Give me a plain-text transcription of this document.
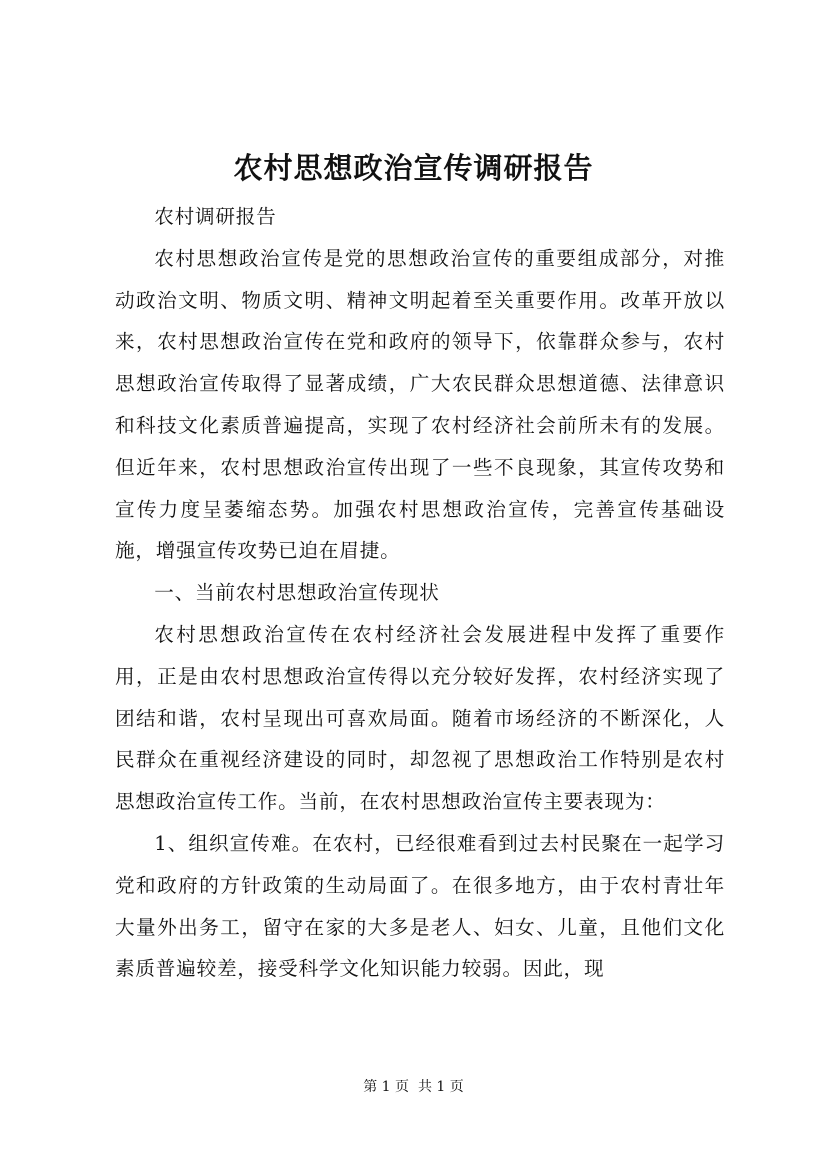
农村思想政治宣传调研报告

农村调研报告

农村思想政治宣传是党的思想政治宣传的重要组成部分，对推动政治文明、物质文明、精神文明起着至关重要作用。改革开放以来，农村思想政治宣传在党和政府的领导下，依靠群众参与，农村思想政治宣传取得了显著成绩，广大农民群众思想道德、法律意识和科技文化素质普遍提高，实现了农村经济社会前所未有的发展。但近年来，农村思想政治宣传出现了一些不良现象，其宣传攻势和宣传力度呈萎缩态势。加强农村思想政治宣传，完善宣传基础设施，增强宣传攻势已迫在眉捷。

一、当前农村思想政治宣传现状

农村思想政治宣传在农村经济社会发展进程中发挥了重要作用，正是由农村思想政治宣传得以充分较好发挥，农村经济实现了团结和谐，农村呈现出可喜欢局面。随着市场经济的不断深化，人民群众在重视经济建设的同时，却忽视了思想政治工作特别是农村思想政治宣传工作。当前，在农村思想政治宣传主要表现为：

1、组织宣传难。在农村，已经很难看到过去村民聚在一起学习党和政府的方针政策的生动局面了。在很多地方，由于农村青壮年大量外出务工，留守在家的大多是老人、妇女、儿童，且他们文化素质普遍较差，接受科学文化知识能力较弱。因此，现

第 1 页  共 1 页
